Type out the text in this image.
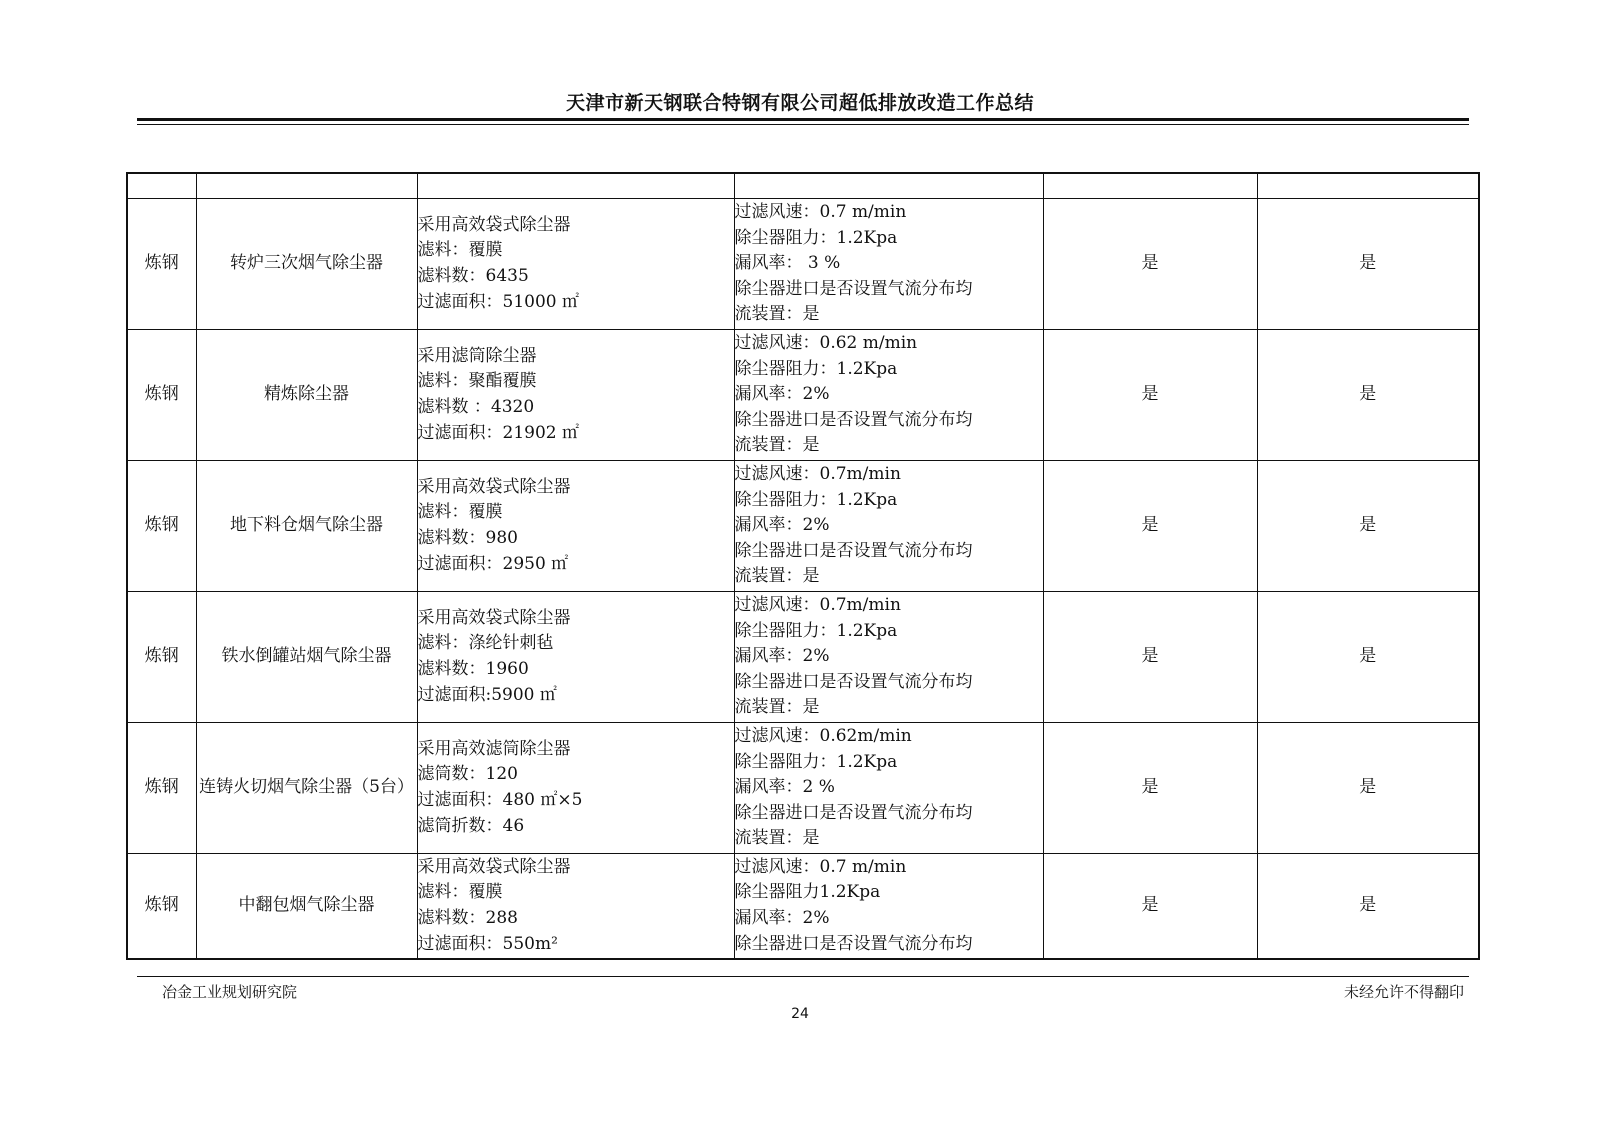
天津市新天钢联合特钢有限公司超低排放改造工作总结

炼钢	转炉三次烟气除尘器	采用高效袋式除尘器
滤料：覆膜
滤料数：6435
过滤面积：51000 ㎡	过滤风速：0.7 m/min
除尘器阻力：1.2Kpa
漏风率： 3 %
除尘器进口是否设置气流分布均
流装置：是	是	是
炼钢	精炼除尘器	采用滤筒除尘器
滤料：聚酯覆膜
滤料数 ：4320
过滤面积：21902 ㎡	过滤风速：0.62 m/min
除尘器阻力：1.2Kpa
漏风率：2%
除尘器进口是否设置气流分布均
流装置：是	是	是
炼钢	地下料仓烟气除尘器	采用高效袋式除尘器
滤料：覆膜
滤料数：980
过滤面积：2950 ㎡	过滤风速：0.7m/min
除尘器阻力：1.2Kpa
漏风率：2%
除尘器进口是否设置气流分布均
流装置：是	是	是
炼钢	铁水倒罐站烟气除尘器	采用高效袋式除尘器
滤料：涤纶针刺毡
滤料数：1960
过滤面积:5900 ㎡	过滤风速：0.7m/min
除尘器阻力：1.2Kpa
漏风率：2%
除尘器进口是否设置气流分布均
流装置：是	是	是
炼钢	连铸火切烟气除尘器（5台）	采用高效滤筒除尘器
滤筒数：120
过滤面积：480 ㎡×5
滤筒折数：46	过滤风速：0.62m/min
除尘器阻力：1.2Kpa
漏风率：2 %
除尘器进口是否设置气流分布均
流装置：是	是	是
炼钢	中翻包烟气除尘器	采用高效袋式除尘器
滤料：覆膜
滤料数：288
过滤面积：550m²	过滤风速：0.7 m/min
除尘器阻力1.2Kpa
漏风率：2%
除尘器进口是否设置气流分布均	是	是
冶金工业规划研究院	未经允许不得翻印
24
